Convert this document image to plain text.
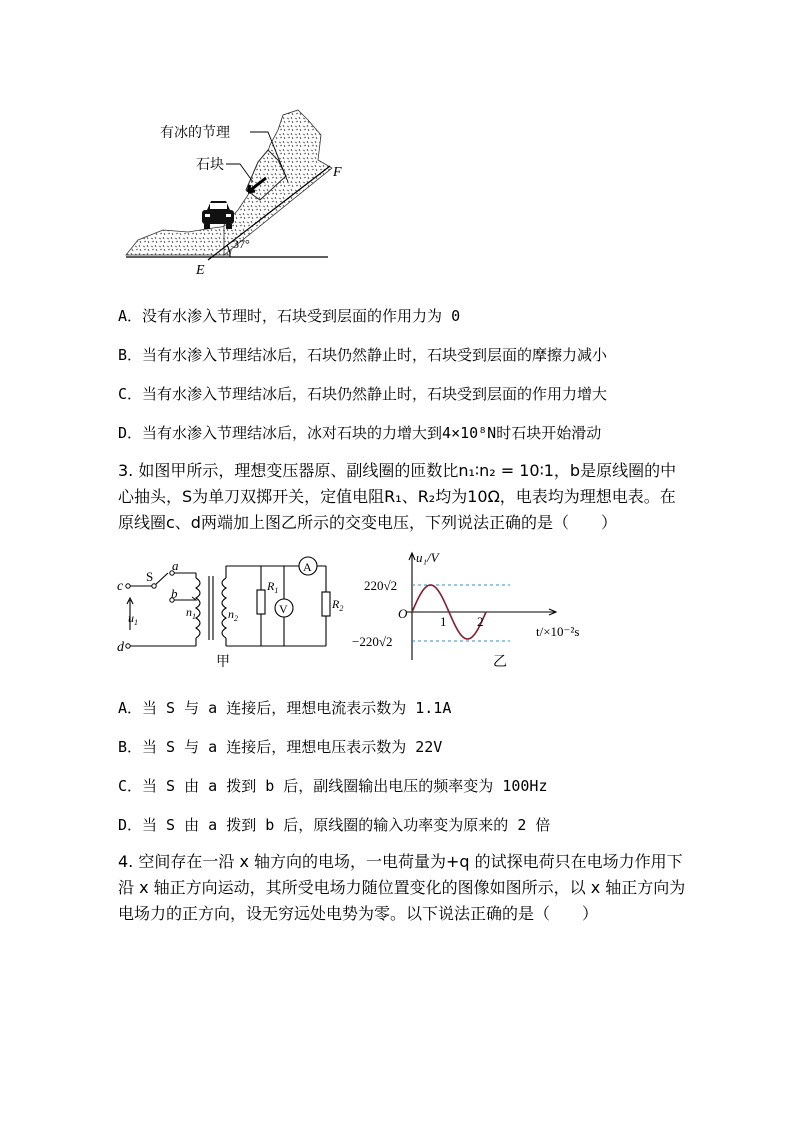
有冰的节理
石块	F
E
37°
A．没有水渗入节理时，石块受到层面的作用力为 0
B．当有水渗入节理结冰后，石块仍然静止时，石块受到层面的摩擦力减小
C．当有水渗入节理结冰后，石块仍然静止时，石块受到层面的作用力增大
D．当有水渗入节理结冰后，冰对石块的力增大到4×10⁸N时石块开始滑动
3. 如图甲所示，理想变压器原、副线圈的匝数比n₁∶n₂ = 10∶1，b是原线圈的中
心抽头，S为单刀双掷开关，定值电阻R₁、R₂均为10Ω，电表均为理想电表。在
原线圈c、d两端加上图乙所示的交变电压，下列说法正确的是（　　）
c
d
S
a
b
$u_1$
$n_1$	$n_2$
$R_1$
$R_2$
A
V
甲
u₁/V
220√2
−220√2
O
1 2
t/×10⁻²s
乙
A．当 S 与 a 连接后，理想电流表示数为 1.1A
B．当 S 与 a 连接后，理想电压表示数为 22V
C．当 S 由 a 拨到 b 后，副线圈输出电压的频率变为 100Hz
D．当 S 由 a 拨到 b 后，原线圈的输入功率变为原来的 2 倍
4. 空间存在一沿 x 轴方向的电场，一电荷量为+q 的试探电荷只在电场力作用下
沿 x 轴正方向运动，其所受电场力随位置变化的图像如图所示，以 x 轴正方向为
电场力的正方向，设无穷远处电势为零。以下说法正确的是（　　）
